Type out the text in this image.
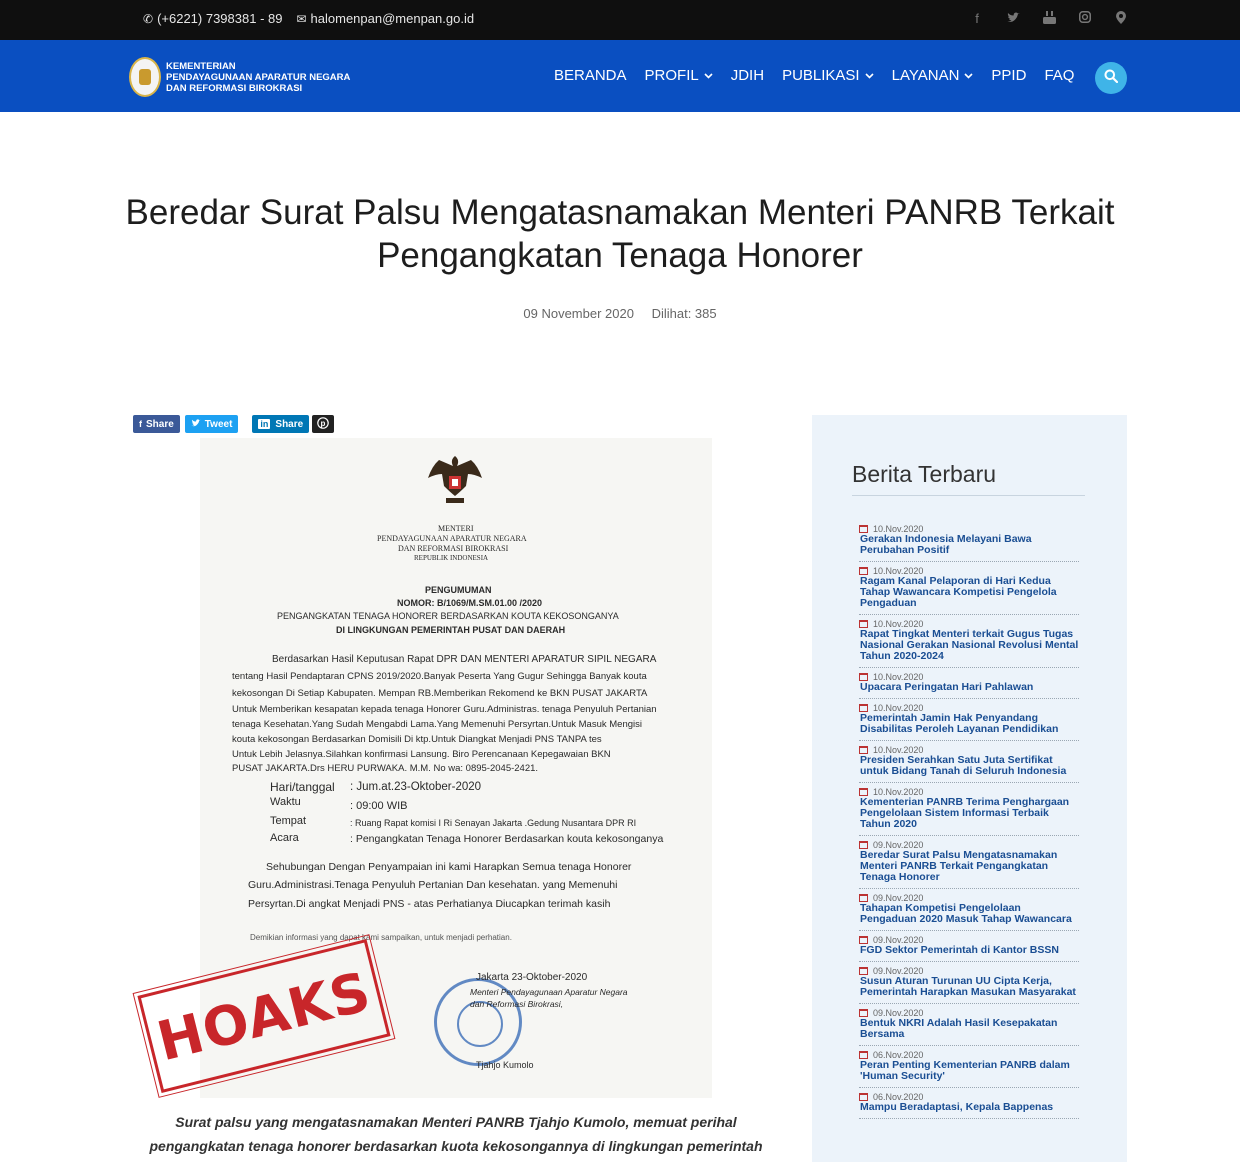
✆ (+6221) 7398381 - 89 ✉ halomenpan@menpan.go.id	f
KEMENTERIAN
PENDAYAGUNAAN APARATUR NEGARA
DAN REFORMASI BIROKRASI
BERANDA PROFIL JDIH PUBLIKASI LAYANAN PPID FAQ
Beredar Surat Palsu Mengatasnamakan Menteri PANRB Terkait
Pengangkatan Tenaga Honorer
09 November 2020 Dilihat: 385
f Share	Tweet	in Share p
MENTERI
PENDAYAGUNAAN APARATUR NEGARA
DAN REFORMASI BIROKRASI
REPUBLIK INDONESIA
PENGUMUMAN
NOMOR: B/1069/M.SM.01.00 /2020
PENGANGKATAN TENAGA HONORER BERDASARKAN KOUTA KEKOSONGANYA
DI LINGKUNGAN PEMERINTAH PUSAT DAN DAERAH
Berdasarkan Hasil Keputusan Rapat DPR DAN MENTERI APARATUR SIPIL NEGARA
tentang Hasil Pendaptaran CPNS 2019/2020.Banyak Peserta Yang Gugur Sehingga Banyak kouta
kekosongan Di Setiap Kabupaten. Mempan RB.Memberikan Rekomend ke BKN PUSAT JAKARTA
Untuk Memberikan kesapatan kepada tenaga Honorer Guru.Administras. tenaga Penyuluh Pertanian
tenaga Kesehatan.Yang Sudah Mengabdi Lama.Yang Memenuhi Persyrtan.Untuk Masuk Mengisi
kouta kekosongan Berdasarkan Domisili Di ktp.Untuk Diangkat Menjadi PNS TANPA tes
Untuk Lebih Jelasnya.Silahkan konfirmasi Lansung. Biro Perencanaan Kepegawaian BKN
PUSAT JAKARTA.Drs HERU PURWAKA. M.M. No wa: 0895-2045-2421.
Hari/tanggal : Jum.at.23-Oktober-2020
Waktu	: 09:00 WIB
Tempat	: Ruang Rapat komisi I Ri Senayan Jakarta .Gedung Nusantara DPR RI
Acara	: Pengangkatan Tenaga Honorer Berdasarkan kouta kekosonganya
Sehubungan Dengan Penyampaian ini kami Harapkan Semua tenaga Honorer
Guru.Administrasi.Tenaga Penyuluh Pertanian Dan kesehatan. yang Memenuhi
Persyrtan.Di angkat Menjadi PNS - atas Perhatianya Diucapkan terimah kasih
Demikian informasi yang dapat kami sampaikan, untuk menjadi perhatian.
Jakarta 23-Oktober-2020
Menteri Pendayagunaan Aparatur Negara
dan Reformasi Birokrasi,
Tjahjo Kumolo
HOAKS
Surat palsu yang mengatasnamakan Menteri PANRB Tjahjo Kumolo, memuat perihal
pengangkatan tenaga honorer berdasarkan kuota kekosongannya di lingkungan pemerintah
Berita Terbaru
10.Nov.2020
Gerakan Indonesia Melayani Bawa Perubahan Positif
10.Nov.2020
Ragam Kanal Pelaporan di Hari Kedua Tahap Wawancara Kompetisi Pengelola Pengaduan
10.Nov.2020
Rapat Tingkat Menteri terkait Gugus Tugas Nasional Gerakan Nasional Revolusi Mental Tahun 2020-2024
10.Nov.2020
Upacara Peringatan Hari Pahlawan
10.Nov.2020
Pemerintah Jamin Hak Penyandang Disabilitas Peroleh Layanan Pendidikan
10.Nov.2020
Presiden Serahkan Satu Juta Sertifikat untuk Bidang Tanah di Seluruh Indonesia
10.Nov.2020
Kementerian PANRB Terima Penghargaan Pengelolaan Sistem Informasi Terbaik Tahun 2020
09.Nov.2020
Beredar Surat Palsu Mengatasnamakan Menteri PANRB Terkait Pengangkatan Tenaga Honorer
09.Nov.2020
Tahapan Kompetisi Pengelolaan Pengaduan 2020 Masuk Tahap Wawancara
09.Nov.2020
FGD Sektor Pemerintah di Kantor BSSN
09.Nov.2020
Susun Aturan Turunan UU Cipta Kerja, Pemerintah Harapkan Masukan Masyarakat
09.Nov.2020
Bentuk NKRI Adalah Hasil Kesepakatan Bersama
06.Nov.2020
Peran Penting Kementerian PANRB dalam 'Human Security'
06.Nov.2020
Mampu Beradaptasi, Kepala Bappenas
